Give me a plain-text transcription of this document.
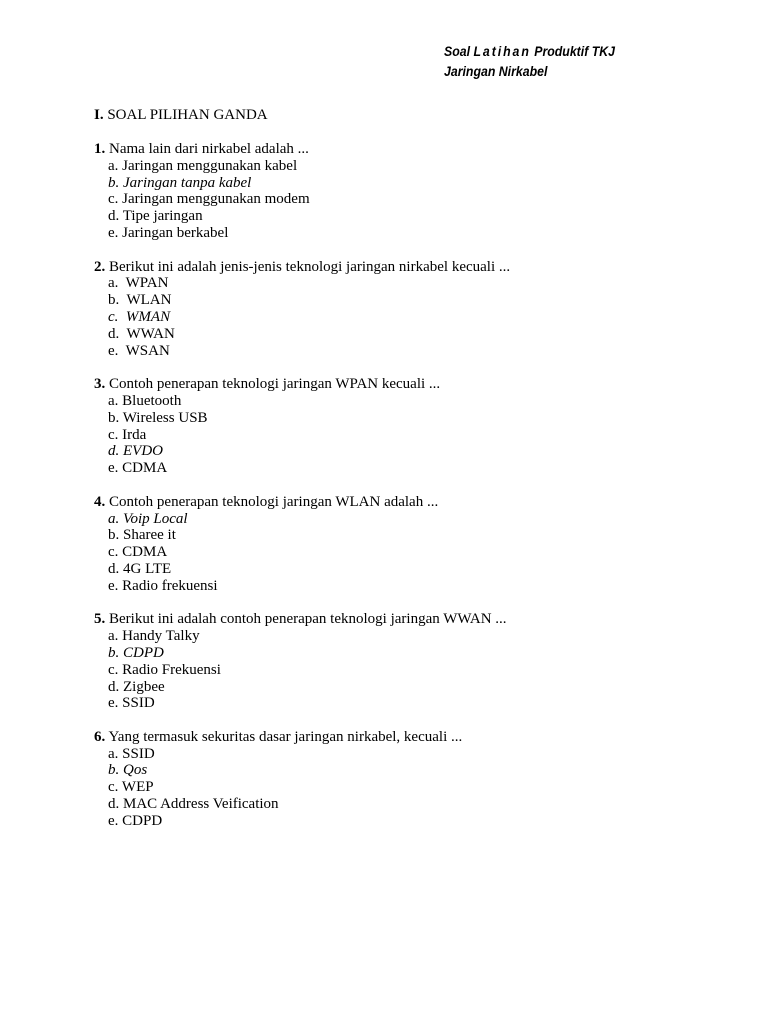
Soal Latihan Produktif TKJ
Jaringan Nirkabel
I. SOAL PILIHAN GANDA
1. Nama lain dari nirkabel adalah ...
a. Jaringan menggunakan kabel
b. Jaringan tanpa kabel
c. Jaringan menggunakan modem
d. Tipe jaringan
e. Jaringan berkabel
2. Berikut ini adalah jenis-jenis teknologi jaringan nirkabel kecuali ...
a.  WPAN
b.  WLAN
c.  WMAN
d.  WWAN
e.  WSAN
3. Contoh penerapan teknologi jaringan WPAN kecuali ...
a. Bluetooth
b. Wireless USB
c. Irda
d. EVDO
e. CDMA
4. Contoh penerapan teknologi jaringan WLAN adalah ...
a. Voip Local
b. Sharee it
c. CDMA
d. 4G LTE
e. Radio frekuensi
5. Berikut ini adalah contoh penerapan teknologi jaringan WWAN ...
a. Handy Talky
b. CDPD
c. Radio Frekuensi
d. Zigbee
e. SSID
6. Yang termasuk sekuritas dasar jaringan nirkabel, kecuali ...
a. SSID
b. Qos
c. WEP
d. MAC Address Veification
e. CDPD
